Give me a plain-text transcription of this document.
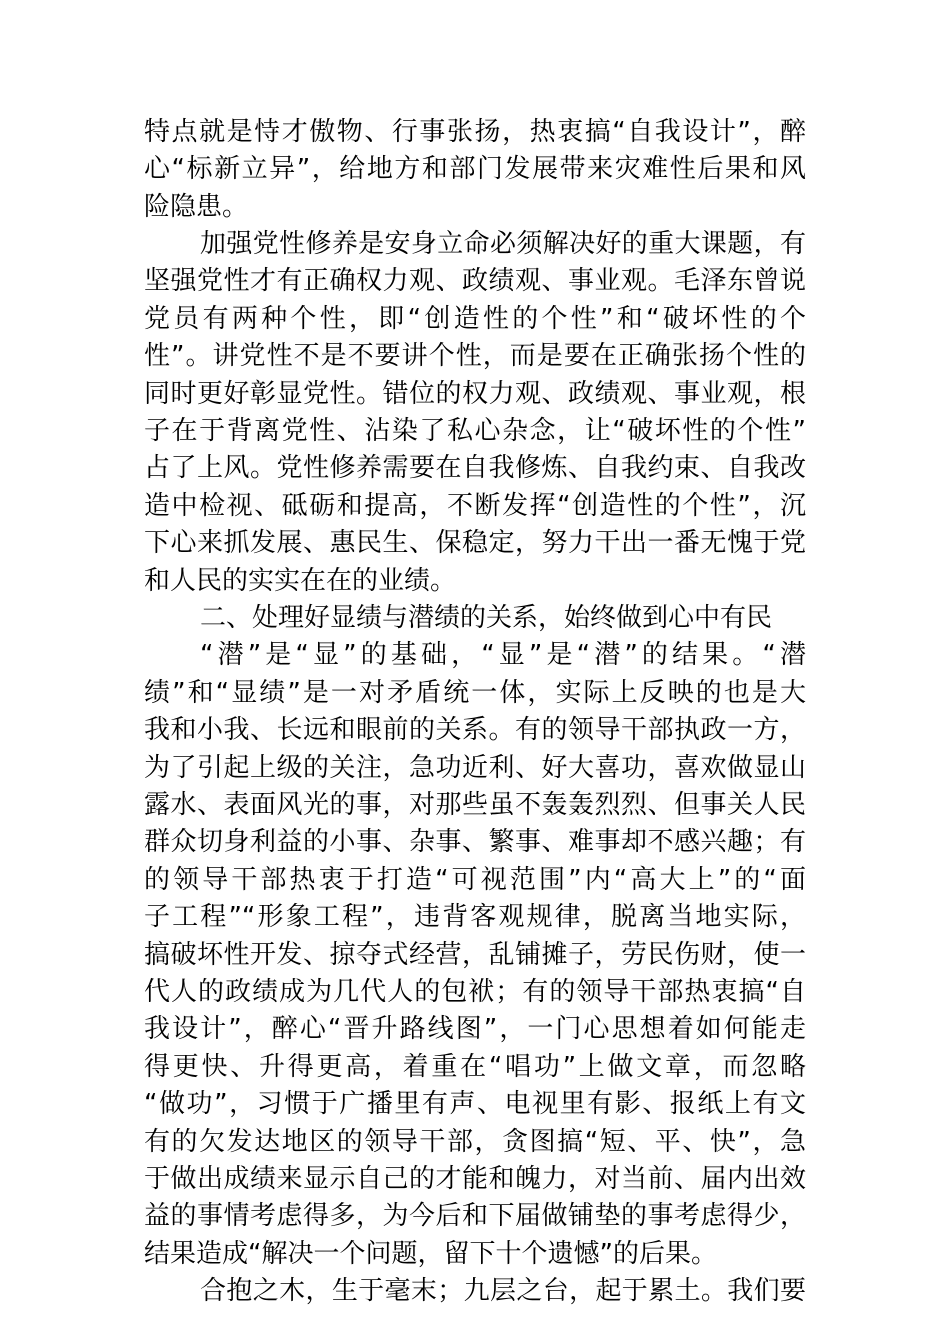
特点就是恃才傲物、行事张扬，热衷搞“自我设计”，醉
心“标新立异”，给地方和部门发展带来灾难性后果和风
险隐患。
加强党性修养是安身立命必须解决好的重大课题，有
坚强党性才有正确权力观、政绩观、事业观。毛泽东曾说
党员有两种个性，即“创造性的个性”和“破坏性的个
性”。讲党性不是不要讲个性，而是要在正确张扬个性的
同时更好彰显党性。错位的权力观、政绩观、事业观，根
子在于背离党性、沾染了私心杂念，让“破坏性的个性”
占了上风。党性修养需要在自我修炼、自我约束、自我改
造中检视、砥砺和提高，不断发挥“创造性的个性”，沉
下心来抓发展、惠民生、保稳定，努力干出一番无愧于党
和人民的实实在在的业绩。
二、处理好显绩与潜绩的关系，始终做到心中有民
“潜”是“显”的基础，“显”是“潜”的结果。“潜
绩”和“显绩”是一对矛盾统一体，实际上反映的也是大
我和小我、长远和眼前的关系。有的领导干部执政一方，
为了引起上级的关注，急功近利、好大喜功，喜欢做显山
露水、表面风光的事，对那些虽不轰轰烈烈、但事关人民
群众切身利益的小事、杂事、繁事、难事却不感兴趣；有
的领导干部热衷于打造“可视范围”内“高大上”的“面
子工程”“形象工程”，违背客观规律，脱离当地实际，
搞破坏性开发、掠夺式经营，乱铺摊子，劳民伤财，使一
代人的政绩成为几代人的包袱；有的领导干部热衷搞“自
我设计”，醉心“晋升路线图”，一门心思想着如何能走
得更快、升得更高，着重在“唱功”上做文章，而忽略
“做功”，习惯于广播里有声、电视里有影、报纸上有文
有的欠发达地区的领导干部，贪图搞“短、平、快”，急
于做出成绩来显示自己的才能和魄力，对当前、届内出效
益的事情考虑得多，为今后和下届做铺垫的事考虑得少，
结果造成“解决一个问题，留下十个遗憾”的后果。
合抱之木，生于毫末；九层之台，起于累土。我们要
